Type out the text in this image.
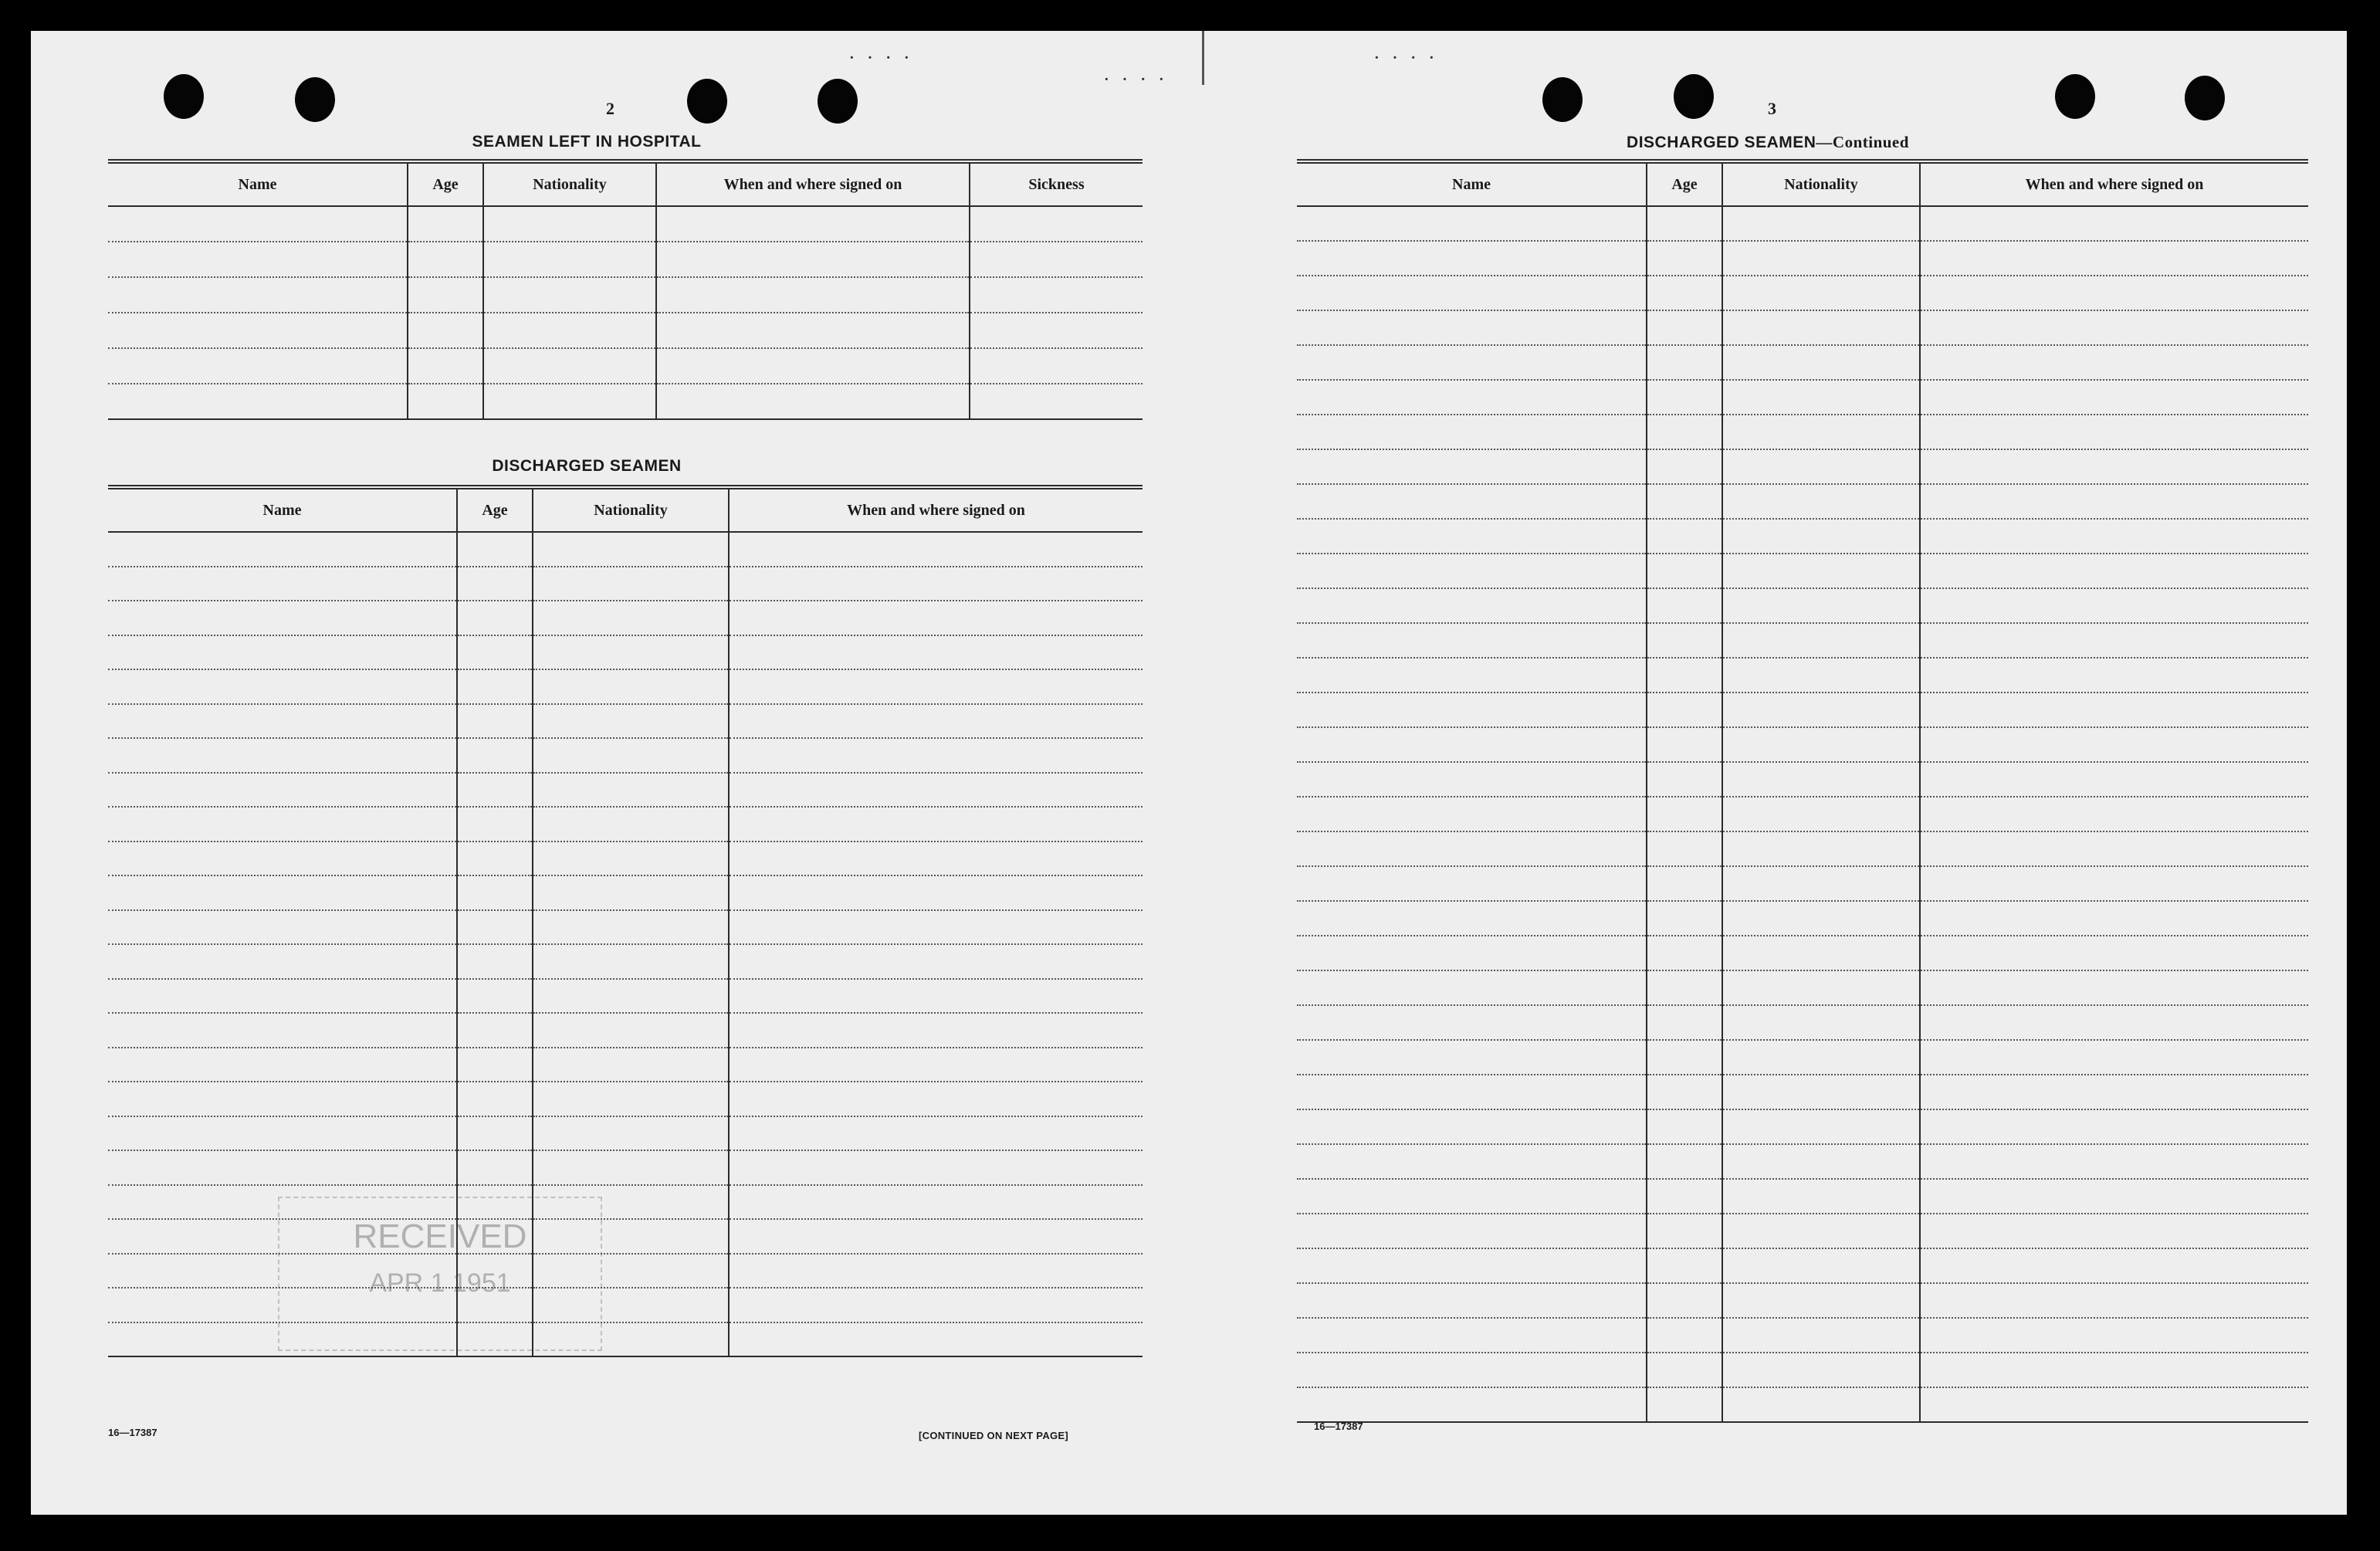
· · · ·
· · · ·
· · · ·
2
SEAMEN LEFT IN HOSPITAL
Name	Age	Nationality	When and where signed on	Sickness

DISCHARGED SEAMEN
Name	Age	Nationality	When and where signed on

RECEIVED
APR 1 1951
16—17387	[CONTINUED ON NEXT PAGE]
3
DISCHARGED SEAMEN—Continued
Name	Age	Nationality	When and where signed on

16—17387
